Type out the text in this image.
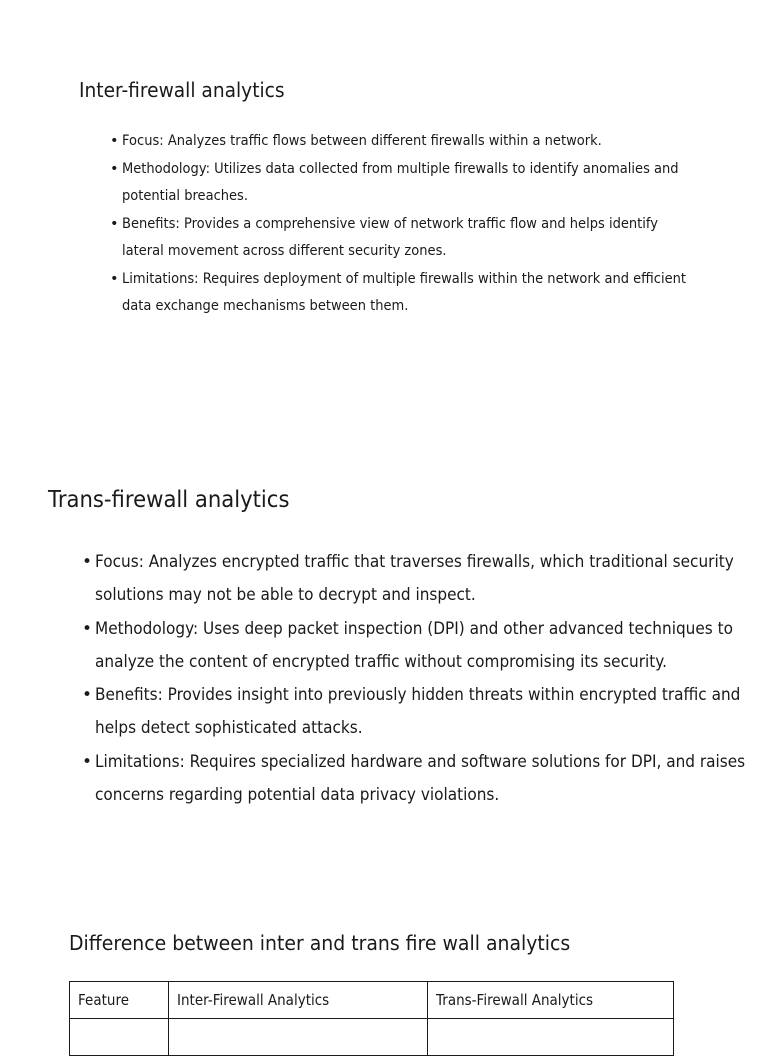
Inter-firewall analytics
• Focus: Analyzes traffic flows between different firewalls within a network.
• Methodology: Utilizes data collected from multiple firewalls to identify anomalies and
potential breaches.
• Benefits: Provides a comprehensive view of network traffic flow and helps identify
lateral movement across different security zones.
• Limitations: Requires deployment of multiple firewalls within the network and efficient
data exchange mechanisms between them.
Trans-firewall analytics
• Focus: Analyzes encrypted traffic that traverses firewalls, which traditional security
solutions may not be able to decrypt and inspect.
• Methodology: Uses deep packet inspection (DPI) and other advanced techniques to
analyze the content of encrypted traffic without compromising its security.
• Benefits: Provides insight into previously hidden threats within encrypted traffic and
helps detect sophisticated attacks.
• Limitations: Requires specialized hardware and software solutions for DPI, and raises
concerns regarding potential data privacy violations.
Difference between inter and trans fire wall analytics
Feature	Inter-Firewall Analytics	Trans-Firewall Analytics
